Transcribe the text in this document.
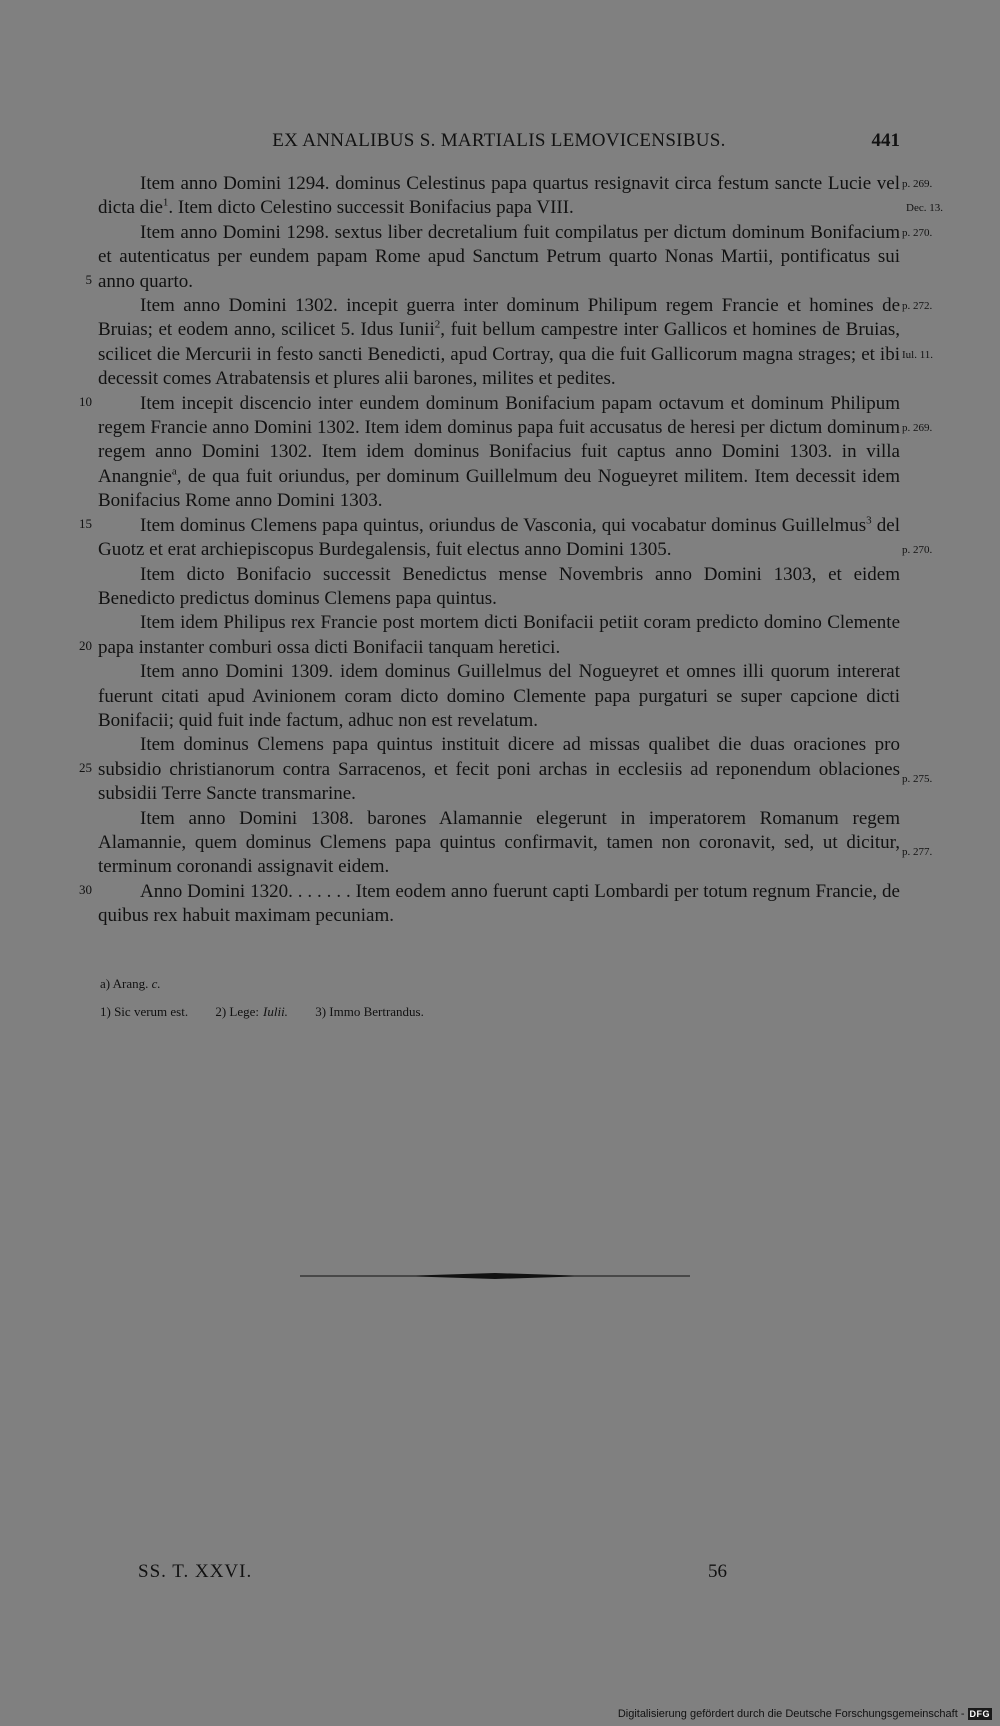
EX ANNALIBUS S. MARTIALIS LEMOVICENSIBUS.	441
5
10
15
20
25
30
p. 269.
Dec. 13.
p. 270.
p. 272.
Iul. 11.
p. 269.
p. 270.
p. 275.
p. 277.

Item anno Domini 1294. dominus Celestinus papa quartus resignavit circa festum sancte Lucie vel dicta die$^1$. Item dicto Celestino successit Bonifacius papa VIII.

Item anno Domini 1298. sextus liber decretalium fuit compilatus per dictum dominum Bonifacium et autenticatus per eundem papam Rome apud Sanctum Petrum quarto Nonas Martii, pontificatus sui anno quarto.

Item anno Domini 1302. incepit guerra inter dominum Philipum regem Francie et homines de Bruias; et eodem anno, scilicet 5. Idus Iunii$^2$, fuit bellum campestre inter Gallicos et homines de Bruias, scilicet die Mercurii in festo sancti Benedicti, apud Cortray, qua die fuit Gallicorum magna strages; et ibi decessit comes Atrabatensis et plures alii barones, milites et pedites.

Item incepit discencio inter eundem dominum Bonifacium papam octavum et dominum Philipum regem Francie anno Domini 1302. Item idem dominus papa fuit accusatus de heresi per dictum dominum regem anno Domini 1302. Item idem dominus Bonifacius fuit captus anno Domini 1303. in villa Anangnie$^a$, de qua fuit oriundus, per dominum Guillelmum deu Nogueyret militem. Item decessit idem Bonifacius Rome anno Domini 1303.

Item dominus Clemens papa quintus, oriundus de Vasconia, qui vocabatur dominus Guillelmus$^3$ del Guotz et erat archiepiscopus Burdegalensis, fuit electus anno Domini 1305.

Item dicto Bonifacio successit Benedictus mense Novembris anno Domini 1303, et eidem Benedicto predictus dominus Clemens papa quintus.

Item idem Philipus rex Francie post mortem dicti Bonifacii petiit coram predicto domino Clemente papa instanter comburi ossa dicti Bonifacii tanquam heretici.

Item anno Domini 1309. idem dominus Guillelmus del Nogueyret et omnes illi quorum intererat fuerunt citati apud Avinionem coram dicto domino Clemente papa purgaturi se super capcione dicti Bonifacii; quid fuit inde factum, adhuc non est revelatum.

Item dominus Clemens papa quintus instituit dicere ad missas qualibet die duas oraciones pro subsidio christianorum contra Sarracenos, et fecit poni archas in ecclesiis ad reponendum oblaciones subsidii Terre Sancte transmarine.

Item anno Domini 1308. barones Alamannie elegerunt in imperatorem Romanum regem Alamannie, quem dominus Clemens papa quintus confirmavit, tamen non coronavit, sed, ut dicitur, terminum coronandi assignavit eidem.

Anno Domini 1320. . . . . . . Item eodem anno fuerunt capti Lombardi per totum regnum Francie, de quibus rex habuit maximam pecuniam.

a) Arang. c.

1) Sic verum est. 2) Lege: Iulii. 3) Immo Bertrandus.

SS. T. XXVI.	56
Digitalisierung gefördert durch die Deutsche Forschungsgemeinschaft - DFG
